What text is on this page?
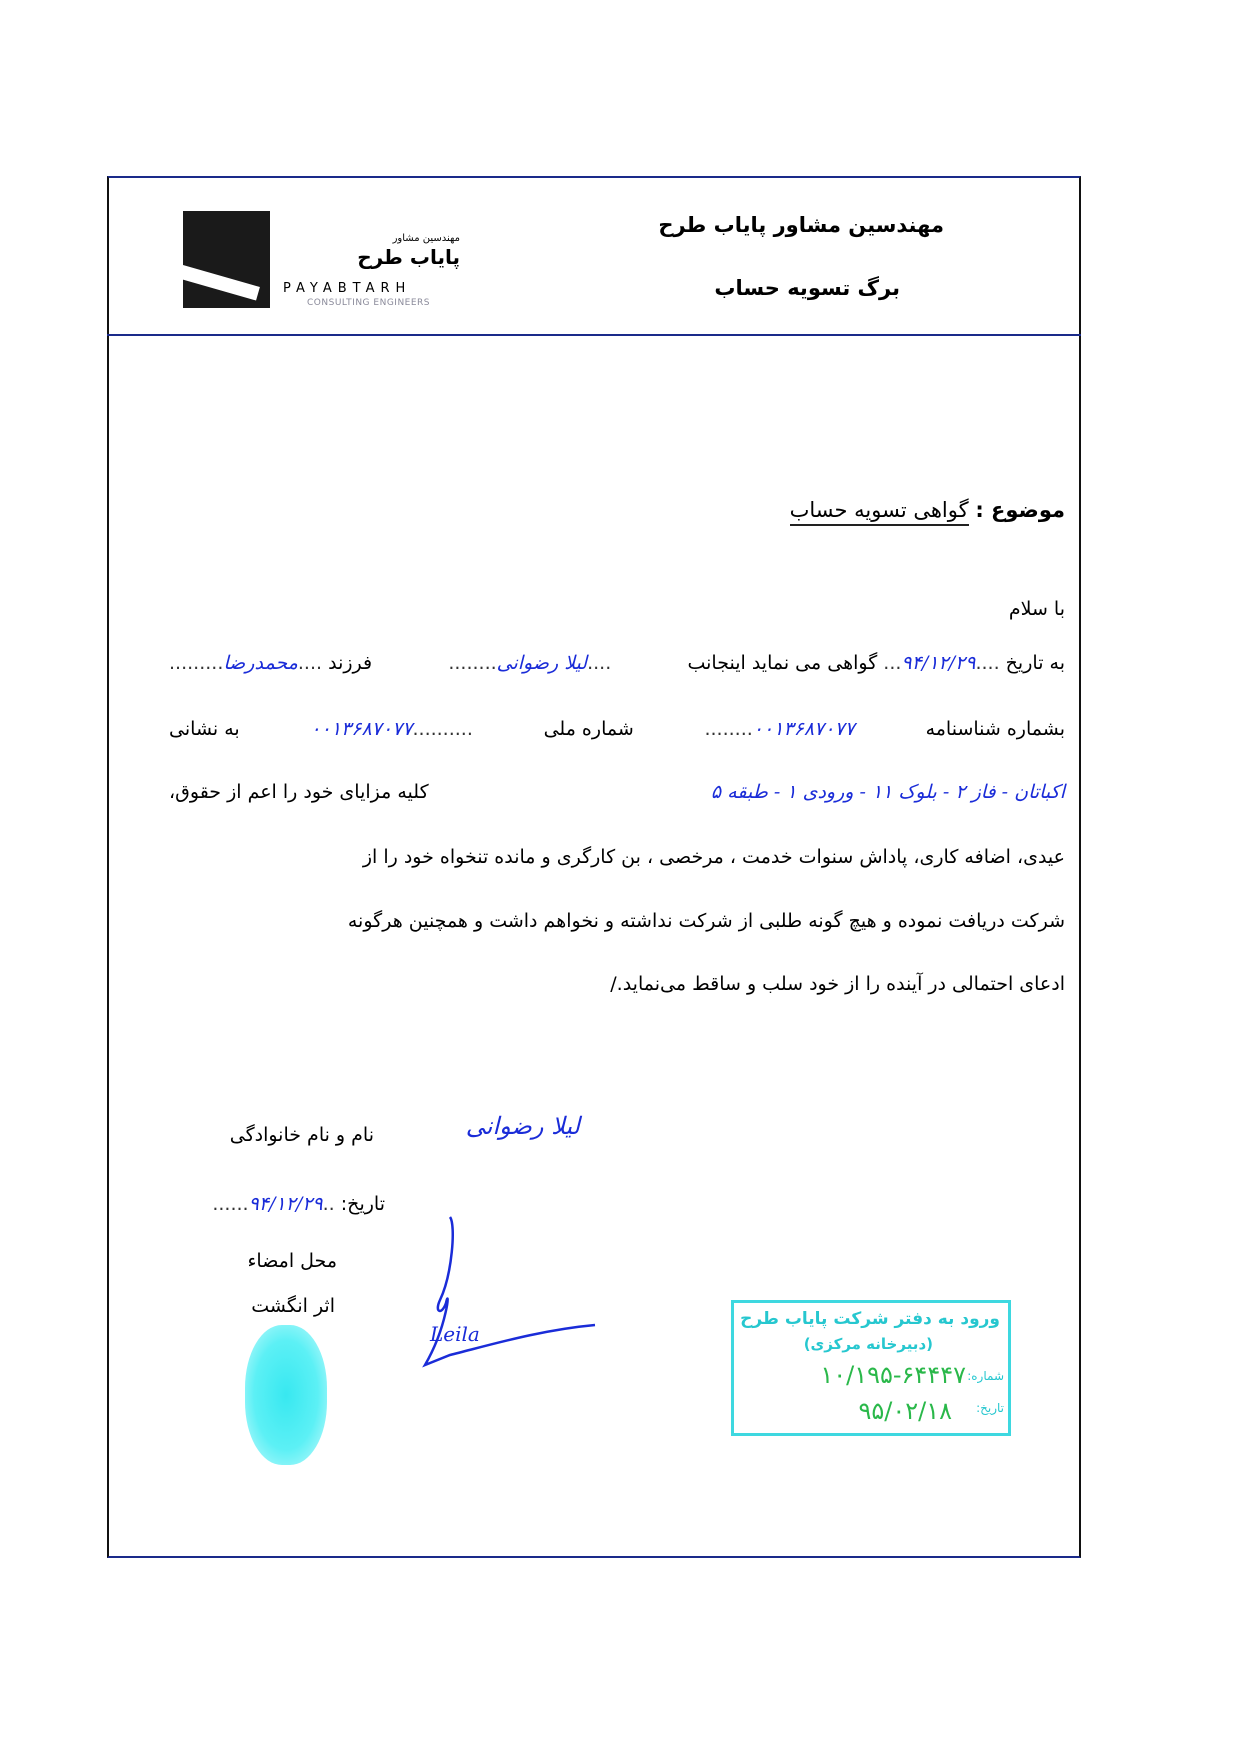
مهندسین مشاور
پایاب طرح
PAYABTARH
CONSULTING ENGINEERS
مهندسین مشاور پایاب طرح
برگ تسویه حساب
موضوع : گواهی تسویه حساب
با سلام
به تاریخ ....۹۴/۱۲/۲۹... گواهی می نماید اینجانب
....لیلا رضوانی........
فرزند ....محمدرضا.........
بشماره شناسنامه
۰۰۱۳۶۸۷۰۷۷........
شماره ملی
..........۰۰۱۳۶۸۷۰۷۷
به نشانی
اکباتان - فاز ۲ - بلوک ۱۱ - ورودی ۱ - طبقه ۵
کلیه مزایای خود را اعم از حقوق،
عیدی، اضافه کاری، پاداش سنوات خدمت ، مرخصی ، بن کارگری و مانده تنخواه خود را از
شرکت دریافت نموده و هیچ گونه طلبی از شرکت نداشته و نخواهم داشت و همچنین هرگونه
ادعای احتمالی در آینده را از خود سلب و ساقط می‌نماید./
نام و نام خانوادگی	لیلا رضوانی
تاریخ: ..۹۴/۱۲/۲۹......
محل امضاء
اثر انگشت
Leila
ورود به دفتر شرکت پایاب طرح
(دبیرخانه مرکزی)
شماره:
۱۰/۱۹۵-۶۴۴۴۷
تاریخ:
۹۵/۰۲/۱۸
